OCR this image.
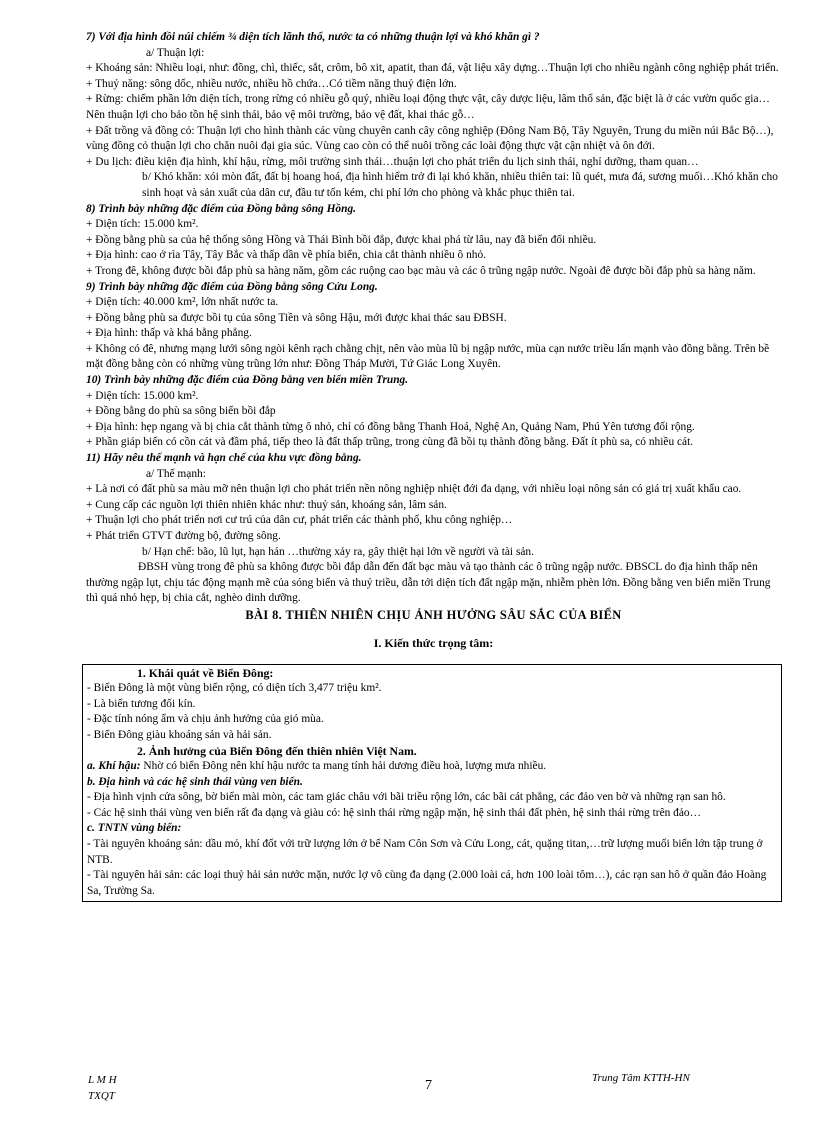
7) Với địa hình đồi núi chiếm ¾ diện tích lãnh thổ, nước ta có những thuận lợi và khó khăn gì ?

a/ Thuận lợi:

+ Khoáng sản: Nhiều loại, như: đồng, chì, thiếc, sắt, crôm, bô xit, apatit, than đá, vật liệu xây dựng…Thuận lợi cho nhiều ngành công nghiệp phát triển.

+ Thuỷ năng: sông dốc, nhiều nước, nhiều hồ chứa…Có tiềm năng thuỷ điện lớn.

+ Rừng: chiếm phần lớn diện tích, trong rừng có nhiều gỗ quý, nhiều loại động thực vật, cây dược liệu, lâm thổ sản, đặc biệt là ở các vườn quốc gia…Nên thuận lợi cho bảo tồn hệ sinh thái, bảo vệ môi trường, bảo vệ đất, khai thác gỗ…

+ Đất trồng và đồng cỏ: Thuận lợi cho hình thành các vùng chuyên canh cây công nghiệp (Đông Nam Bộ, Tây Nguyên, Trung du miền núi Bắc Bộ…), vùng đồng cỏ thuận lợi cho chăn nuôi đại gia súc. Vùng cao còn có thể nuôi trồng các loài động thực vật cận nhiệt và ôn đới.

+ Du lịch: điều kiện địa hình, khí hậu, rừng, môi trường sinh thái…thuận lợi cho phát triển du lịch sinh thái, nghỉ dưỡng, tham quan…

b/ Khó khăn: xói mòn đất, đất bị hoang hoá, địa hình hiểm trở đi lại khó khăn, nhiều thiên tai: lũ quét, mưa đá, sương muối…Khó khăn cho sinh hoạt và sản xuất của dân cư, đầu tư tốn kém, chi phí lớn cho phòng và khắc phục thiên tai.

8) Trình bày những đặc điểm của Đồng bằng sông Hồng.

+ Diện tích: 15.000 km².

+ Đồng bằng phù sa của hệ thống sông Hồng và Thái Bình bồi đắp, được khai phá từ lâu, nay đã biến đổi nhiều.

+ Địa hình: cao ở rìa Tây, Tây Bắc và thấp dần về phía biển, chia cắt thành nhiều ô nhỏ.

+ Trong đê, không được bồi đắp phù sa hàng năm, gồm các ruộng cao bạc màu và các ô trũng ngập nước. Ngoài đê được bồi đắp phù sa hàng năm.

9) Trình bày những đặc điểm của Đồng bằng sông Cửu Long.

+ Diện tích: 40.000 km², lớn nhất nước ta.

+ Đồng bằng phù sa được bồi tụ của sông Tiền và sông Hậu, mới được khai thác sau ĐBSH.

+ Địa hình: thấp và khá bằng phẳng.

+ Không có đê, nhưng mạng lưới sông ngòi kênh rạch chằng chịt, nên vào mùa lũ bị ngập nước, mùa cạn nước triều lấn mạnh vào đồng bằng. Trên bề mặt đồng bằng còn có những vùng trũng lớn như: Đồng Tháp Mười, Tứ Giác Long Xuyên.

10) Trình bày những đặc điểm của Đồng bằng ven biển miền Trung.

+ Diện tích: 15.000 km².

+ Đồng bằng do phù sa sông biển bồi đắp

+ Địa hình: hẹp ngang và bị chia cắt thành từng ô nhỏ, chỉ có đồng bằng Thanh Hoá, Nghệ An, Quảng Nam, Phú Yên tương đối rộng.

+ Phần giáp biển có cồn cát và đầm phá, tiếp theo là đất thấp trũng, trong cùng đã bồi tụ thành đồng bằng. Đất ít phù sa, có nhiều cát.

11) Hãy nêu thế mạnh và hạn chế của khu vực đồng bằng.

a/ Thế mạnh:

+ Là nơi có đất phù sa màu mỡ nên thuận lợi cho phát triển nền nông nghiệp nhiệt đới đa dạng, với nhiều loại nông sản có giá trị xuất khẩu cao.

+ Cung cấp các nguồn lợi thiên nhiên khác như: thuỷ sản, khoáng sản, lâm sản.

+ Thuận lợi cho phát triển nơi cư trú của dân cư, phát triển các thành phố, khu công nghiệp…

+ Phát triển GTVT đường bộ, đường sông.

b/ Hạn chế: bão, lũ lụt, hạn hán …thường xảy ra, gây thiệt hại lớn về người và tài sản.

ĐBSH vùng trong đê phù sa không được bồi đắp dẫn đến đất bạc màu và tạo thành các ô trũng ngập nước. ĐBSCL do địa hình thấp nên thường ngập lụt, chịu tác động mạnh mẽ của sóng biển và thuỷ triều, dẫn tới diện tích đất ngập mặn, nhiễm phèn lớn. Đồng bằng ven biển miền Trung thì quá nhỏ hẹp, bị chia cắt, nghèo dinh dưỡng.

BÀI 8. THIÊN NHIÊN CHỊU ẢNH HƯỞNG SÂU SẮC CỦA BIỂN

I. Kiến thức trọng tâm:

1. Khái quát về Biển Đông:

- Biển Đông là một vùng biển rộng, có diện tích 3,477 triệu km².

- Là biển tương đối kín.

- Đặc tính nóng ẩm và chịu ảnh hưởng của gió mùa.

- Biển Đông giàu khoáng sản và hải sản.

2. Ảnh hưởng của Biển Đông đến thiên nhiên Việt Nam.

a. Khí hậu: Nhờ có biển Đông nên khí hậu nước ta mang tính hải dương điều hoà, lượng mưa nhiều.

b. Địa hình và các hệ sinh thái vùng ven biển.

- Địa hình vịnh cửa sông, bờ biển mài mòn, các tam giác châu với bãi triều rộng lớn, các bãi cát phẳng, các đảo ven bờ và những rạn san hô.

- Các hệ sinh thái vùng ven biển rất đa dạng và giàu có: hệ sinh thái rừng ngập mặn, hệ sinh thái đất phèn, hệ sinh thái rừng trên đảo…

c. TNTN vùng biển:

- Tài nguyên khoáng sản: dầu mỏ, khí đốt với trữ lượng lớn ở bể Nam Côn Sơn và Cửu Long, cát, quặng titan,…trữ lượng muối biển lớn tập trung ở NTB.

- Tài nguyên hải sản: các loại thuỷ hải sản nước mặn, nước lợ vô cùng đa dạng (2.000 loài cá, hơn 100 loài tôm…), các rạn san hô ở quần đảo Hoàng Sa, Trường Sa.

L M H
TXQT
7	Trung Tâm KTTH-HN
